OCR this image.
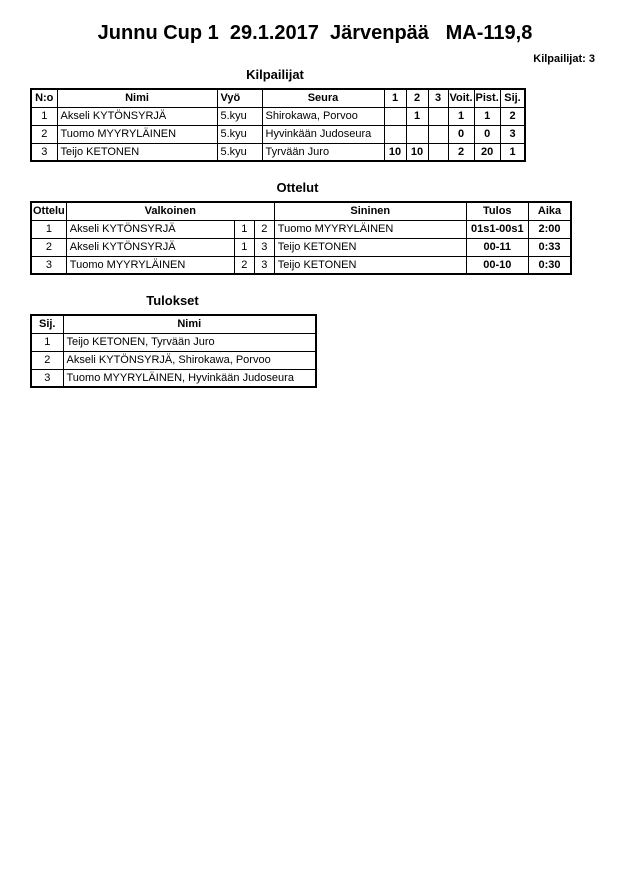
Junnu Cup 1  29.1.2017  Järvenpää   MA-119,8
Kilpailijat: 3
Kilpailijat
N:o	Nimi	Vyö	Seura	1	2	3	Voit.	Pist.	Sij.
1	Akseli KYTÖNSYRJÄ	5.kyu	Shirokawa, Porvoo		1		1	1	2
2	Tuomo MYYRYLÄINEN	5.kyu	Hyvinkään Judoseura				0	0	3
3	Teijo KETONEN	5.kyu	Tyrvään Juro	10	10		2	20	1
Ottelut
Ottelu	Valkoinen			Sininen	Tulos	Aika
1	Akseli KYTÖNSYRJÄ	1	2	Tuomo MYYRYLÄINEN	01s1-00s1	2:00
2	Akseli KYTÖNSYRJÄ	1	3	Teijo KETONEN	00-11	0:33
3	Tuomo MYYRYLÄINEN	2	3	Teijo KETONEN	00-10	0:30
Tulokset
Sij.	Nimi
1	Teijo KETONEN, Tyrvään Juro
2	Akseli KYTÖNSYRJÄ, Shirokawa, Porvoo
3	Tuomo MYYRYLÄINEN, Hyvinkään Judoseura
